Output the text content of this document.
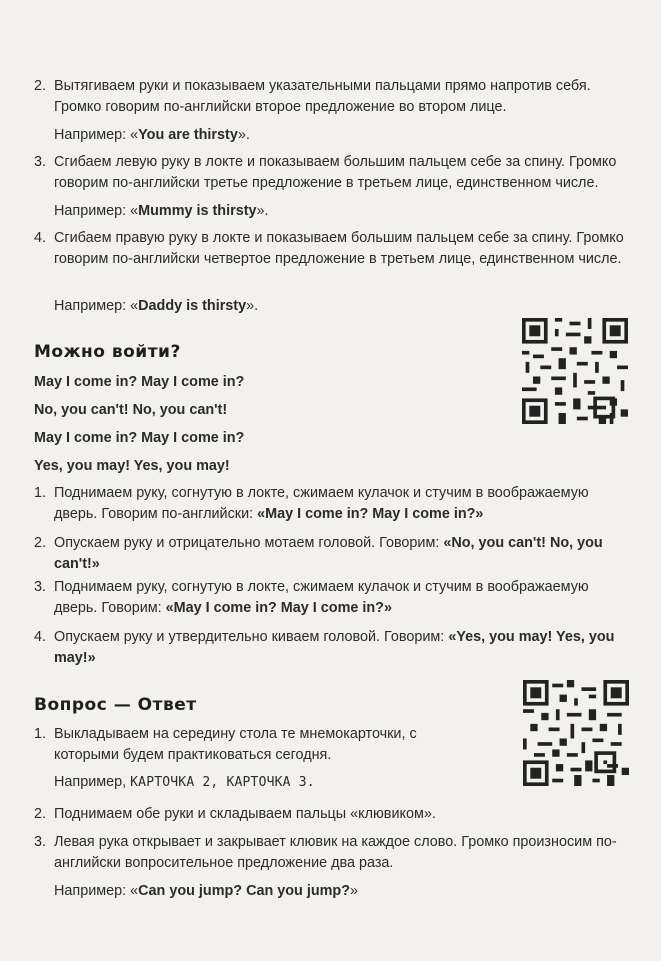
2. Вытягиваем руки и показываем указательными пальцами прямо напротив себя. Громко говорим по-английски второе предложение во втором лице.
Например: «You are thirsty».
3. Сгибаем левую руку в локте и показываем большим пальцем себе за спину. Громко говорим по-английски третье предложение в третьем лице, единственном числе.
Например: «Mummy is thirsty».
4. Сгибаем правую руку в локте и показываем большим пальцем себе за спину. Громко говорим по-английски четвертое предложение в третьем лице, единственном числе.
Например: «Daddy is thirsty».
Можно войти?
May I come in? May I come in?
No, you can't! No, you can't!
May I come in? May I come in?
Yes, you may! Yes, you may!
1. Поднимаем руку, согнутую в локте, сжимаем кулачок и стучим в воображаемую дверь. Говорим по-английски: «May I come in? May I come in?»
2. Опускаем руку и отрицательно мотаем головой. Говорим: «No, you can't! No, you can't!»
3. Поднимаем руку, согнутую в локте, сжимаем кулачок и стучим в воображаемую дверь. Говорим: «May I come in? May I come in?»
4. Опускаем руку и утвердительно киваем головой. Говорим: «Yes, you may! Yes, you may!»
Вопрос — Ответ
1. Выкладываем на середину стола те мнемокарточки, с которыми будем практиковаться сегодня.
Например, КАРТОЧКА 2, КАРТОЧКА 3.
2. Поднимаем обе руки и складываем пальцы «клювиком».
3. Левая рука открывает и закрывает клювик на каждое слово. Громко произносим по-английски вопросительное предложение два раза.
Например: «Can you jump? Can you jump?»
